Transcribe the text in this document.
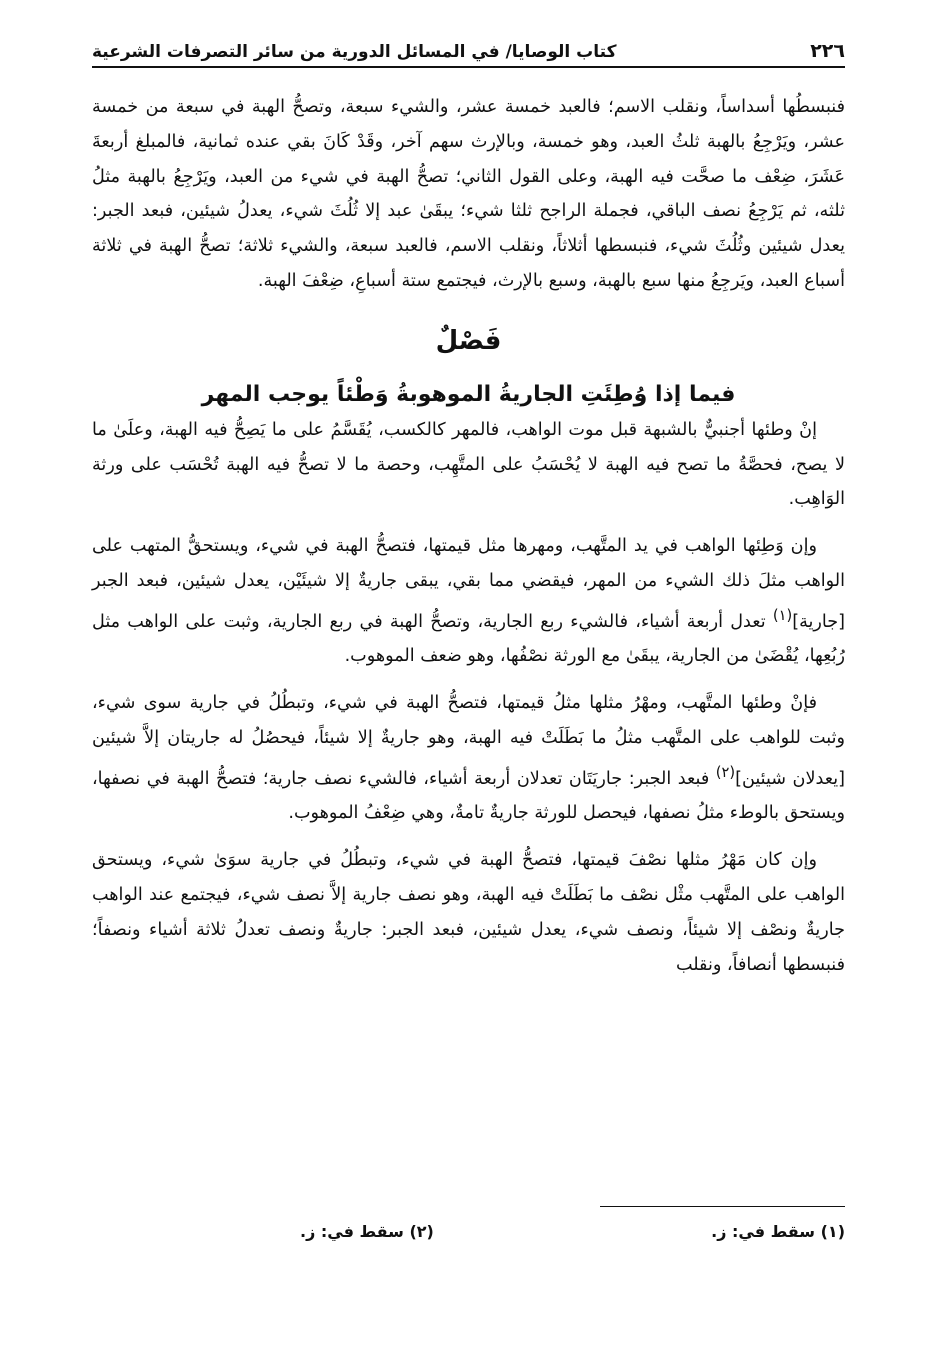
٢٢٦
كتاب الوصايا/ في المسائل الدورية من سائر التصرفات الشرعية

فنبسطُها أسداساً، ونقلب الاسم؛ فالعبد خمسة عشر، والشيء سبعة، وتصحُّ الهبة في سبعة من خمسة عشر، ويَرْجِعُ بالهبة ثلثُ العبد، وهو خمسة، وبالإرث سهم آخر، وقَدْ كَانَ بقي عنده ثمانية، فالمبلغ أربعةَ عَشَرَ، ضِعْف ما صحَّت فيه الهبة، وعلى القول الثاني؛ تصحُّ الهبة في شيء من العبد، ويَرْجِعُ بالهبة مثلُ ثلثه، ثم يَرْجِعُ نصف الباقي، فجملة الراجح ثلثا شيء؛ يبقَىٰ عبد إلا ثُلُثَ شيء، يعدلُ شيئين، فبعد الجبر: يعدل شيئين وثُلُثَ شيء، فنبسطها أثلاثاً، ونقلب الاسم، فالعبد سبعة، والشيء ثلاثة؛ تصحُّ الهبة في ثلاثة أسباع العبد، ويَرجِعُ منها سبع بالهبة، وسبع بالإرث، فيجتمع ستة أسباعِ، ضِعْفَ الهبة.

فَصْلٌ
فيما إذا وُطِئَتِ الجاريةُ الموهوبةُ وَطْئاً يوجب المهر

إنْ وطئها أجنبيٌّ بالشبهة قبل موت الواهب، فالمهر كالكسب، يُقَسَّمُ على ما يَصِحُّ فيه الهبة، وعلَىٰ ما لا يصح، فحصَّةُ ما تصح فيه الهبة لا يُحْسَبُ على المتَّهِب، وحصة ما لا تصحُّ فيه الهبة تُحْسَب على ورثة الوَاهِب.

وإن وَطِئها الواهب في يد المتَّهب، ومهرها مثل قيمتها، فتصحُّ الهبة في شيء، ويستحقُّ المتهب على الواهب مثلَ ذلك الشيء من المهر، فيقضي مما بقي، يبقى جاريةٌ إلا شيئَيْن، يعدل شيئين، فبعد الجبر [جارية]$^{(١)}$ تعدل أربعة أشياء، فالشيء ربع الجارية، وتصحُّ الهبة في ربع الجارية، وثبت على الواهب مثل رُبُعِها، يُقْضَىٰ من الجارية، يبقَىٰ مع الورثة نصْفُها، وهو ضعف الموهوب.

فإنْ وطئها المتَّهب، ومهْرُ مثلها مثلُ قيمتها، فتصحُّ الهبة في شيء، وتبطُلُ في جارية سوى شيء، وثبت للواهب على المتَّهب مثلُ ما بَطَلَتْ فيه الهبة، وهو جاريةٌ إلا شيئاً، فيحصُلُ له جاريتان إلاَّ شيئين [يعدلان شيئين]$^{(٢)}$ فبعد الجبر: جاريَتَان تعدلان أربعة أشياء، فالشيء نصف جارية؛ فتصحُّ الهبة في نصفها، ويستحق بالوطء مثلُ نصفها، فيحصل للورثة جاريةٌ تامةٌ، وهي ضِعْفُ الموهوب.

وإن كان مَهْرُ مثلها نصْفَ قيمتها، فتصحُّ الهبة في شيء، وتبطُلُ في جارية سوَىٰ شيء، ويستحق الواهب على المتَّهب مثْل نصْف ما بَطَلَتْ فيه الهبة، وهو نصف جارية إلاَّ نصف شيء، فيجتمع عند الواهب جاريةٌ ونصْف إلا شيئاً، ونصف شيء، يعدل شيئين، فبعد الجبر: جاريةٌ ونصف تعدلُ ثلاثة أشياء ونصفاً؛ فنبسطها أنصافاً، ونقلب

(١) سقط في: ز.
(٢) سقط في: ز.
